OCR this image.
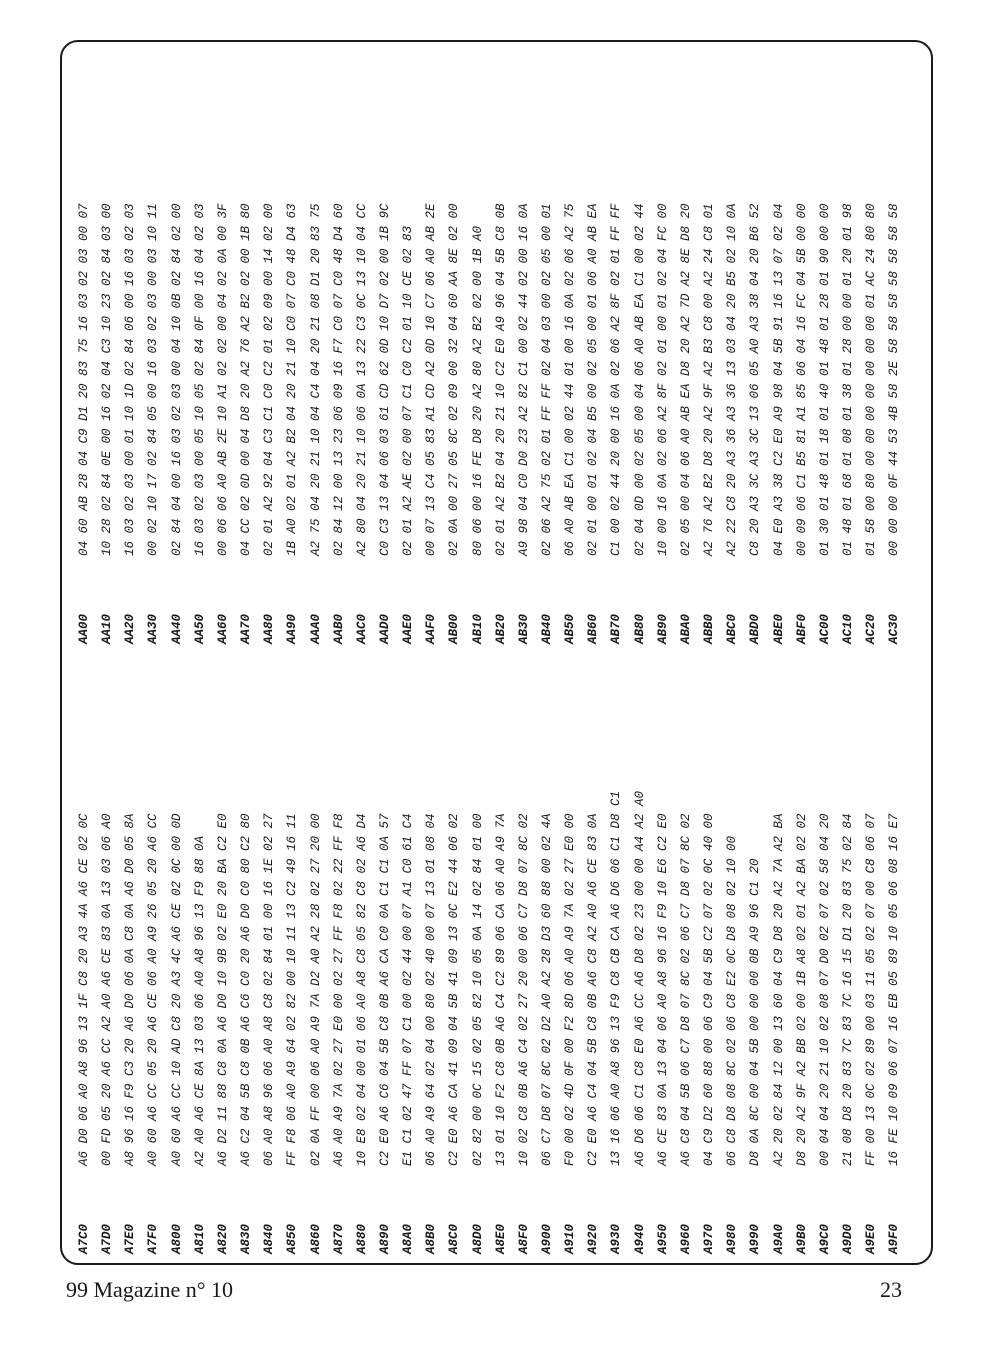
A7C0A6 D0 06 A0 A8 96 13 1F C8 20 A3 4A A6 CE 02 0C
A7D000 FD 05 20 A6 CC A2 A0 A6 CE 83 0A 13 03 06 A0
A7E0A8 96 16 F9 C3 20 A6 D0 06 0A C8 0A A6 D0 05 8A
A7F0A0 60 A6 CC 05 20 A6 CE 06 A0 A9 26 05 20 A6 CC
A800A0 60 A6 CC 10 AD C8 20 A3 4C A6 CE 02 0C 00 0D
A810A2 A0 A6 CE 8A 13 03 06 A0 A8 96 13 F9 88 0A
A820A6 D2 11 88 C8 0A A6 D0 10 9B 02 E0 20 BA C2 E0
A830A6 C2 04 5B C8 0B A6 C6 C0 20 A6 D0 C0 80 C2 80
A84006 A0 A8 96 06 A0 A8 C8 02 84 01 00 16 1E 02 27
A850FF F8 06 A0 A9 64 02 82 00 10 11 13 C2 49 16 11
A86002 0A FF 00 06 A0 A9 7A D2 A0 A2 28 02 27 20 00
A870A6 A0 A9 7A 02 27 E0 00 02 27 FF F8 02 22 FF F8
A88010 E8 02 04 00 01 06 A0 A8 C8 05 82 C8 02 A6 D4
A890C2 E0 A6 C6 04 5B C8 0B A6 CA C0 0A C1 C1 0A 57
A8A0E1 C1 02 47 FF 07 C1 00 02 44 00 07 A1 C0 61 C4
A8B006 A0 A9 64 02 04 00 80 02 40 00 07 13 01 08 04
A8C0C2 E0 A6 CA 41 09 04 5B 41 09 13 0C E2 44 06 02
A8D002 82 00 0C 15 02 05 82 10 05 0A 14 02 84 01 00
A8E013 01 10 F2 C8 0B A6 C4 C2 89 06 CA 06 A0 A9 7A
A8F010 02 C8 0B A6 C4 02 27 20 00 06 C7 D8 07 8C 02
A90006 C7 D8 07 8C 02 D2 A0 A2 28 D3 60 88 00 02 4A
A910F0 00 02 4D 0F 00 F2 8D 06 A0 A9 7A 02 27 E0 00
A920C2 E0 A6 C4 04 5B C8 0B A6 C8 A2 A0 A6 CE 83 0A
A93013 16 06 A0 A8 96 13 F9 C8 CB CA A6 D6 06 C1 D8 C1
A940A6 D6 06 C1 C8 E0 A6 CC A6 D8 02 23 00 00 A4 A2 A0
A950A6 CE 83 0A 13 04 06 A0 A8 96 16 F9 10 E6 C2 E0
A960A6 C8 04 5B 06 C7 D8 07 8C 02 06 C7 D8 07 8C 02
A97004 C9 D2 60 88 00 06 C9 04 5B C2 07 02 0C 40 00
A98006 C8 D8 08 8C 02 06 C8 E2 0C D8 08 02 10 00
A990D8 0A 8C 00 04 5B 00 00 00 0B A9 96 C1 20
A9A0A2 20 02 84 12 00 13 60 04 C9 D8 20 A2 7A A2 BA
A9B0D8 20 A2 9F A2 BB 02 00 1B A8 02 01 A2 BA 02 02
A9C000 04 04 20 21 10 02 08 07 D0 02 07 02 58 04 20
A9D021 08 D8 20 83 7C 83 7C 16 15 D1 20 83 75 02 84
A9E0FF 00 13 0C 02 89 00 03 11 05 02 07 00 C8 06 07
A9F016 FE 10 09 06 07 16 EB 05 89 10 05 06 08 16 E7
AA0004 60 AB 28 04 C9 D1 20 83 75 16 03 02 03 00 07
AA1010 28 02 84 0E 00 16 02 04 C3 10 23 02 84 03 00
AA2016 03 02 03 00 01 10 1D 02 84 06 00 16 03 02 03
AA3000 02 10 17 02 84 05 00 16 03 02 03 00 03 10 11
AA4002 84 04 00 16 03 02 03 00 04 10 0B 02 84 02 00
AA5016 03 02 03 00 05 10 05 02 84 0F 00 16 04 02 03
AA6000 06 06 A0 AB 2E 10 A1 02 02 00 04 02 0A 00 3F
AA7004 CC 02 0D 00 04 D8 20 A2 76 A2 B2 02 00 1B 80
AA8002 01 A2 92 04 C3 C1 C0 C2 01 02 09 00 14 02 00
AA901B A0 02 01 A2 B2 04 20 21 10 C0 07 C0 48 D4 63
AAA0A2 75 04 20 21 10 04 C4 04 20 21 08 D1 20 83 75
AAB002 84 12 00 13 23 06 09 16 F7 C0 07 C0 48 D4 60
AAC0A2 80 04 20 21 10 06 0A 13 22 C3 0C 13 10 04 CC
AAD0C0 C3 13 04 06 03 61 CD 62 0D 10 D7 02 00 1B 9C
AAE002 01 A2 AE 02 00 07 C1 C0 C2 01 10 CE 02 83
AAF000 07 13 C4 05 83 A1 CD A2 0D 10 C7 06 A0 AB 2E
AB0002 0A 00 27 05 8C 02 09 00 32 04 60 AA 8E 02 00
AB1080 06 00 16 FE D8 20 A2 80 A2 B2 02 00 1B A0
AB2002 01 A2 B2 04 20 21 10 C2 E0 A9 96 04 5B C8 0B
AB30A9 98 04 C0 D0 23 A2 82 C1 00 02 44 02 00 16 0A
AB4002 06 A2 75 02 01 FF FF 02 04 03 00 02 05 00 01
AB5006 A0 AB EA C1 00 02 44 01 00 16 0A 02 06 A2 75
AB6002 01 00 01 02 04 B5 00 02 05 00 01 06 A0 AB EA
AB70C1 00 02 44 20 00 16 0A 02 06 A2 8F 02 01 FF FF
AB8002 04 0D 00 02 05 00 04 06 A0 AB EA C1 00 02 44
AB9010 00 16 0A 02 06 A2 8F 02 01 00 01 02 04 FC 00
ABA002 05 00 04 06 A0 AB EA D8 20 A2 7D A2 8E D8 20
ABB0A2 76 A2 B2 D8 20 A2 9F A2 B3 C8 00 A2 24 C8 01
ABC0A2 22 C8 20 A3 36 A3 36 13 03 04 20 B5 02 10 0A
ABD0C8 20 A3 3C A3 3C 13 06 05 A0 A3 38 04 20 B6 52
ABE004 E0 A3 38 C2 E0 A9 98 04 5B 91 16 13 07 02 04
ABF000 09 06 C1 B5 81 A1 85 06 04 16 FC 04 5B 00 00
AC0001 30 01 48 01 18 01 40 01 48 01 28 01 90 00 00
AC1001 48 01 68 01 08 01 38 01 28 00 00 01 20 01 98
AC2001 58 00 80 00 00 00 00 00 00 00 01 AC 24 80 80
AC3000 00 00 0F 44 53 4B 58 2E 58 58 58 58 58 58 58
99 Magazine n° 10	23
